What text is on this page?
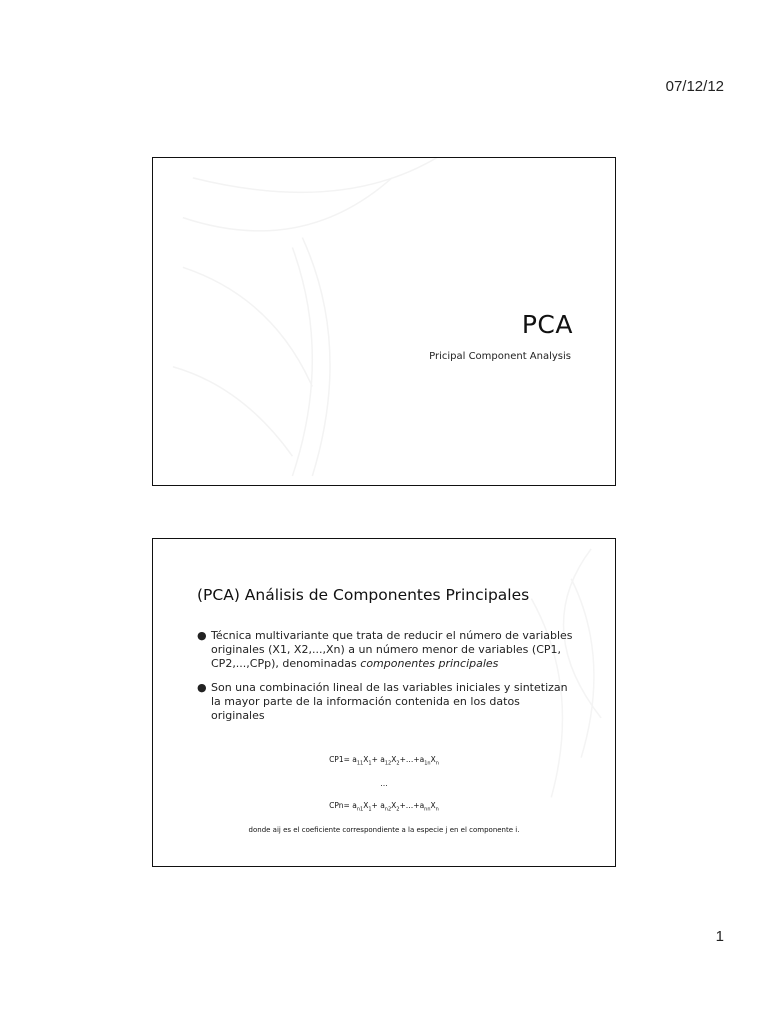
07/12/12
PCA
Pricipal Component Analysis
(PCA) Análisis de Componentes Principales
● Técnica multivariante que trata de reducir el número de variables originales (X1, X2,...,Xn) a un número menor de variables (CP1, CP2,...,CPp), denominadas componentes principales
● Son una combinación lineal de las variables iniciales y sintetizan la mayor parte de la información contenida en los datos originales
$CP1= a_{11}X_1+$ $a_{12}X_2+\dots+a_{1n}X_n$
…
$CPn= a_{n1}X_1+$ $a_{n2}X_2+\dots+a_{nn}X_n$
donde aij es el coeficiente correspondiente a la especie j en el componente i.
1
